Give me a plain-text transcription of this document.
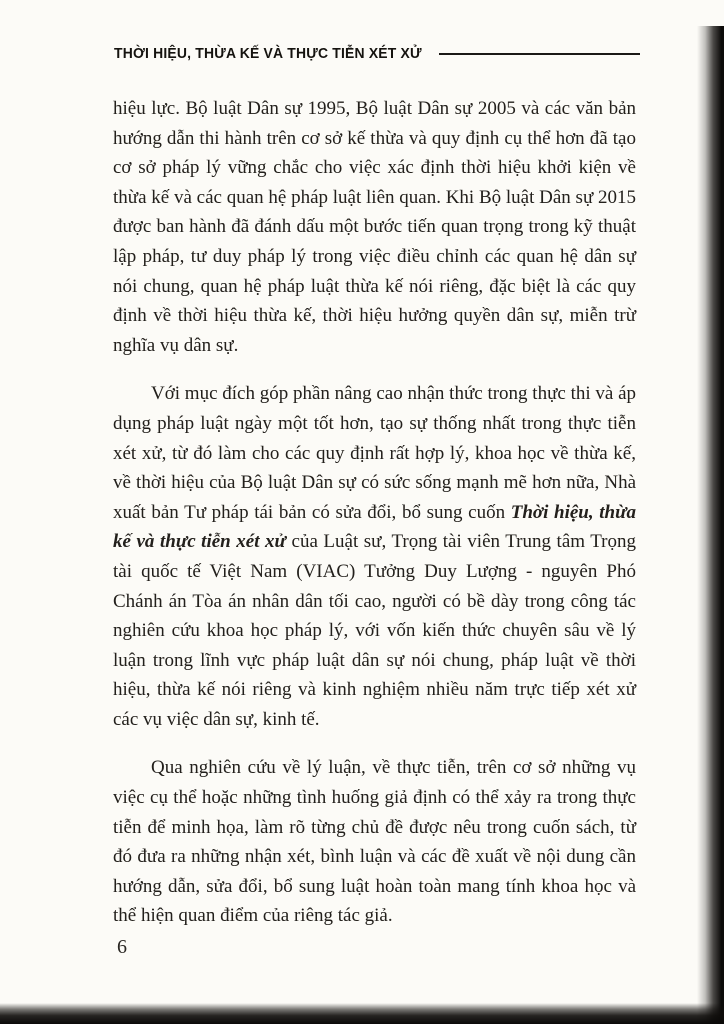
THỜI HIỆU, THỪA KẾ VÀ THỰC TIỄN XÉT XỬ

hiệu lực. Bộ luật Dân sự 1995, Bộ luật Dân sự 2005 và các văn bản hướng dẫn thi hành trên cơ sở kế thừa và quy định cụ thể hơn đã tạo cơ sở pháp lý vững chắc cho việc xác định thời hiệu khởi kiện về thừa kế và các quan hệ pháp luật liên quan. Khi Bộ luật Dân sự 2015 được ban hành đã đánh dấu một bước tiến quan trọng trong kỹ thuật lập pháp, tư duy pháp lý trong việc điều chỉnh các quan hệ dân sự nói chung, quan hệ pháp luật thừa kế nói riêng, đặc biệt là các quy định về thời hiệu thừa kế, thời hiệu hưởng quyền dân sự, miễn trừ nghĩa vụ dân sự.

Với mục đích góp phần nâng cao nhận thức trong thực thi và áp dụng pháp luật ngày một tốt hơn, tạo sự thống nhất trong thực tiễn xét xử, từ đó làm cho các quy định rất hợp lý, khoa học về thừa kế, về thời hiệu của Bộ luật Dân sự có sức sống mạnh mẽ hơn nữa, Nhà xuất bản Tư pháp tái bản có sửa đổi, bổ sung cuốn Thời hiệu, thừa kế và thực tiễn xét xử của Luật sư, Trọng tài viên Trung tâm Trọng tài quốc tế Việt Nam (VIAC) Tưởng Duy Lượng - nguyên Phó Chánh án Tòa án nhân dân tối cao, người có bề dày trong công tác nghiên cứu khoa học pháp lý, với vốn kiến thức chuyên sâu về lý luận trong lĩnh vực pháp luật dân sự nói chung, pháp luật về thời hiệu, thừa kế nói riêng và kinh nghiệm nhiều năm trực tiếp xét xử các vụ việc dân sự, kinh tế.

Qua nghiên cứu về lý luận, về thực tiễn, trên cơ sở những vụ việc cụ thể hoặc những tình huống giả định có thể xảy ra trong thực tiễn để minh họa, làm rõ từng chủ đề được nêu trong cuốn sách, từ đó đưa ra những nhận xét, bình luận và các đề xuất về nội dung cần hướng dẫn, sửa đổi, bổ sung luật hoàn toàn mang tính khoa học và thể hiện quan điểm của riêng tác giả.

6
